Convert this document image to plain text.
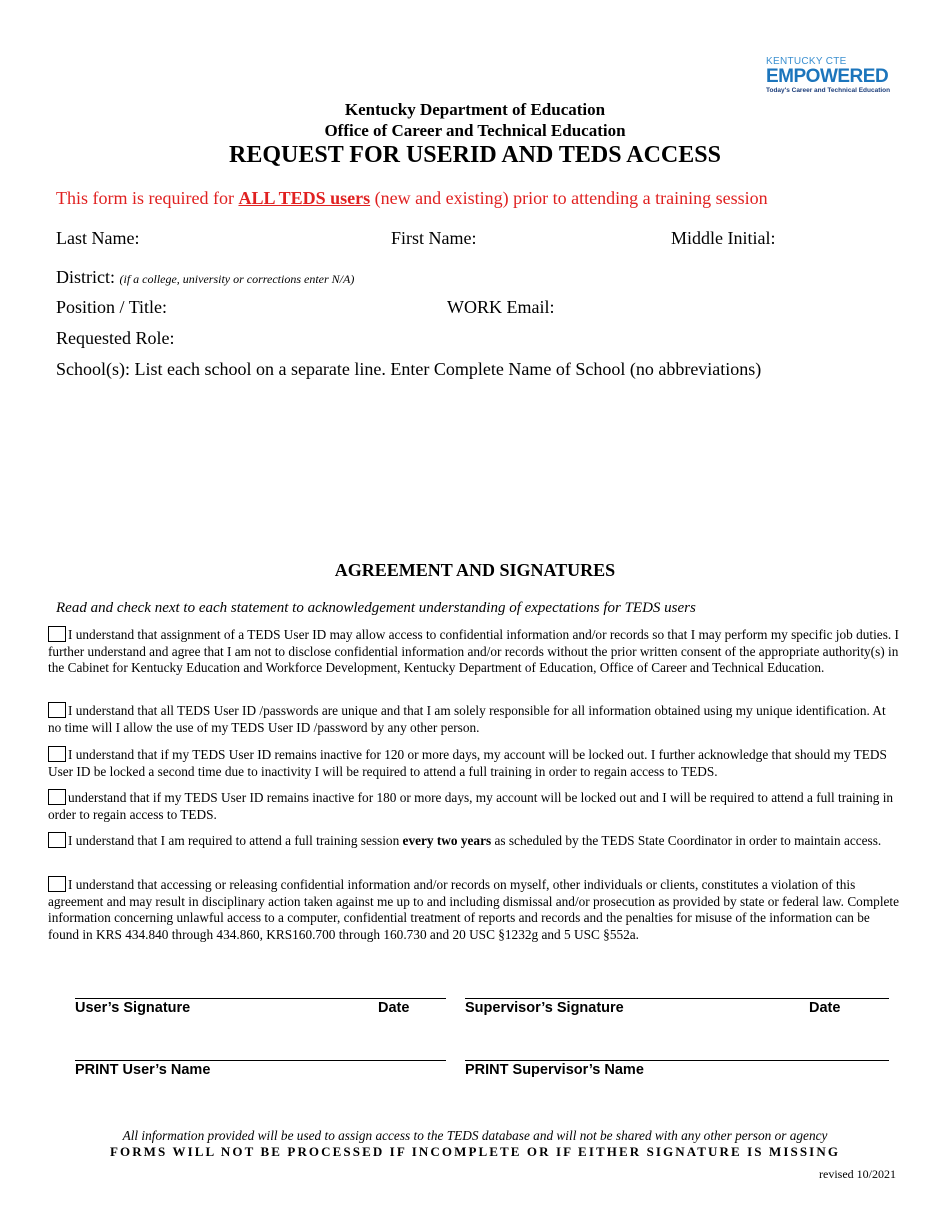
KENTUCKY CTE
EMPOWERED
Today's Career and Technical Education
Kentucky Department of Education
Office of Career and Technical Education
REQUEST FOR USERID AND TEDS ACCESS
This form is required for ALL TEDS users (new and existing) prior to attending a training session
Last Name:	First Name:	Middle Initial:
District: (if a college, university or corrections enter N/A)
Position / Title:	WORK Email:
Requested Role:
School(s): List each school on a separate line. Enter Complete Name of School (no abbreviations)
AGREEMENT AND SIGNATURES
Read and check next to each statement to acknowledgement understanding of expectations for TEDS users
I understand that assignment of a TEDS User ID may allow access to confidential information and/or records so that I may perform my specific job duties. I further understand and agree that I am not to disclose confidential information and/or records without the prior written consent of the appropriate authority(s) in the Cabinet for Kentucky Education and Workforce Development, Kentucky Department of Education, Office of Career and Technical Education.
I understand that all TEDS User ID /passwords are unique and that I am solely responsible for all information obtained using my unique identification. At no time will I allow the use of my TEDS User ID /password by any other person.
I understand that if my TEDS User ID remains inactive for 120 or more days, my account will be locked out. I further acknowledge that should my TEDS User ID be locked a second time due to inactivity I will be required to attend a full training in order to regain access to TEDS.
understand that if my TEDS User ID remains inactive for 180 or more days, my account will be locked out and I will be required to attend a full training in order to regain access to TEDS.
I understand that I am required to attend a full training session every two years as scheduled by the TEDS State Coordinator in order to maintain access.
I understand that accessing or releasing confidential information and/or records on myself, other individuals or clients, constitutes a violation of this agreement and may result in disciplinary action taken against me up to and including dismissal and/or prosecution as provided by state or federal law. Complete information concerning unlawful access to a computer, confidential treatment of reports and records and the penalties for misuse of the information can be found in KRS 434.840 through 434.860, KRS160.700 through 160.730 and 20 USC §1232g and 5 USC §552a.
User’s Signature	Date	Supervisor’s Signature	Date
PRINT User’s Name	PRINT Supervisor’s Name
All information provided will be used to assign access to the TEDS database and will not be shared with any other person or agency
FORMS WILL NOT BE PROCESSED IF INCOMPLETE OR IF EITHER SIGNATURE IS MISSING
revised 10/2021
